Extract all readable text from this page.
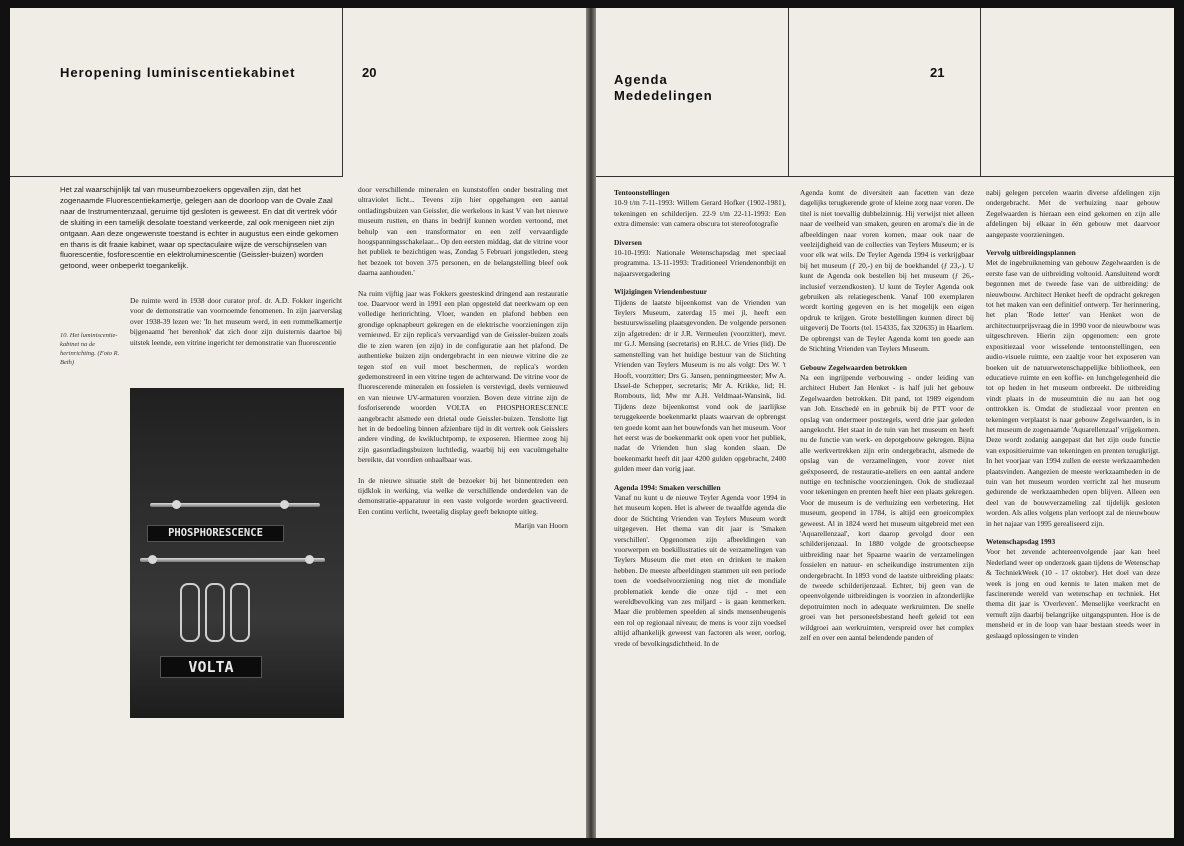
Heropening luminiscentiekabinet	20
Het zal waarschijnlijk tal van museumbezoekers opgevallen zijn, dat het zogenaamde Fluorescentiekamertje, gelegen aan de doorloop van de Ovale Zaal naar de Instrumentenzaal, geruime tijd gesloten is geweest. En dat dit vertrek vóór de sluiting in een tamelijk desolate toestand verkeerde, zal ook menigeen niet zijn ontgaan. Aan deze ongewenste toestand is echter in augustus een einde gekomen en thans is dit fraaie kabinet, waar op spectaculaire wijze de verschijnselen van fluorescentie, fosforescentie en elektroluminescentie (Geissler-buizen) worden getoond, weer onbeperkt toegankelijk.
De ruimte werd in 1938 door curator prof. dr. A.D. Fokker ingericht voor de demonstratie van voornoemde fenomenen. In zijn jaarverslag over 1938-39 lezen we: 'In het museum werd, in een rommelkamertje bijgenaamd 'het berenhok' dat zich door zijn duisternis daartoe bij uitstek leende, een vitrine ingericht ter demonstratie van fluorescentie
10. Het luminiscentie-kabinet na de herinrichting. (Foto R. Beth)
PHOSPHORESCENCE
VOLTA

door verschillende mineralen en kunststoffen onder bestraling met ultraviolet licht... Tevens zijn hier opgehangen een aantal ontladingsbuizen van Geissler, die werkeloos in kast V van het nieuwe museum rustten, en thans in bedrijf kunnen worden vertoond, met behulp van een transformator en een zelf vervaardigde hoogspanningsschakelaar... Op den eersten middag, dat de vitrine voor het publiek te bezichtigen was, Zondag 5 Februari jongstleden, steeg het bezoek tot boven 375 personen, en de belangstelling bleef ook daarna aanhouden.'

Na ruim vijftig jaar was Fokkers geesteskind dringend aan restauratie toe. Daarvoor werd in 1991 een plan opgesteld dat neerkwam op een volledige herinrichting. Vloer, wanden en plafond hebben een grondige opknapbeurt gekregen en de elektrische voorzieningen zijn vernieuwd. Er zijn replica's vervaardigd van de Geissler-buizen zoals die te zien waren (en zijn) in de configuratie aan het plafond. De authentieke buizen zijn ondergebracht in een nieuwe vitrine die ze tegen stof en vuil moet beschermen, de replica's worden gedemonstreerd in een vitrine tegen de achterwand. De vitrine voor de fluorescerende mineralen en fossielen is verstevigd, deels vernieuwd en van nieuwe UV-armaturen voorzien. Boven deze vitrine zijn de fosforiserende woorden VOLTA en PHOSPHORESCENCE aangebracht alsmede een drietal oude Geissler-buizen. Tenslotte ligt het in de bedoeling binnen afzienbare tijd in dit vertrek ook Geisslers andere vinding, de kwikluchtpomp, te exposeren. Hiermee zoog hij zijn gasontladingsbuizen luchtledig, waarbij hij een vacuümgehalte bereikte, dat voordien onhaalbaar was.

In de nieuwe situatie stelt de bezoeker bij het binnentreden een tijdklok in werking, via welke de verschillende onderdelen van de demonstratie-apparatuur in een vaste volgorde worden geactiveerd. Een continu verlicht, tweetalig display geeft beknopte uitleg.

Marijn van Hoorn
Agenda
Mededelingen
21
Tentoonstellingen
10-9 t/m 7-11-1993: Willem Gerard Hofker (1902-1981), tekeningen en schilderijen. 22-9 t/m 22-11-1993: Een extra dimensie: van camera obscura tot stereofotografie
Diversen
10-10-1993: Nationale Wetenschapsdag met speciaal programma. 13-11-1993: Traditioneel Vriendenontbijt en najaarsvergadering
Wijzigingen Vriendenbestuur
Tijdens de laatste bijeenkomst van de Vrienden van Teylers Museum, zaterdag 15 mei jl, heeft een bestuurswisseling plaatsgevonden. De volgende personen zijn afgetreden: dr ir J.R. Vermeulen (voorzitter), mevr. mr G.J. Mensing (secretaris) en R.H.C. de Vries (lid). De samenstelling van het huidige bestuur van de Stichting Vrienden van Teylers Museum is nu als volgt: Drs W. 't Hooft, voorzitter; Drs G. Jansen, penningmeester; Mw A. IJssel-de Schepper, secretaris; Mr A. Krikke, lid; H. Rombouts, lid; Mw mr A.H. Veldmaat-Wansink, lid. Tijdens deze bijeenkomst vond ook de jaarlijkse teruggekeerde boekenmarkt plaats waarvan de opbrengst ten goede komt aan het bouwfonds van het museum. Voor het eerst was de boekenmarkt ook open voor het publiek, nadat de Vrienden hun slag konden slaan. De boekenmarkt heeft dit jaar 4200 gulden opgebracht, 2400 gulden meer dan vorig jaar.
Agenda 1994: Smaken verschillen
Vanaf nu kunt u de nieuwe Teyler Agenda voor 1994 in het museum kopen. Het is alweer de twaalfde agenda die door de Stichting Vrienden van Teylers Museum wordt uitgegeven. Het thema van dit jaar is 'Smaken verschillen'. Opgenomen zijn afbeeldingen van voorwerpen en boekillustraties uit de verzamelingen van Teylers Museum die met eten en drinken te maken hebben. De meeste afbeeldingen stammen uit een periode toen de voedselvoorziening nog niet de mondiale problematiek kende die onze tijd - met een wereldbevolking van zes miljard - is gaan kenmerken. Maar die problemen speelden al sinds mensenheugenis een rol op regionaal niveau; de mens is voor zijn voedsel altijd afhankelijk geweest van factoren als weer, oorlog, vrede of bevolkingsdichtheid. In de
Agenda komt de diversiteit aan facetten van deze dagelijks terugkerende grote of kleine zorg naar voren. De titel is niet toevallig dubbelzinnig. Hij verwijst niet alleen naar de veelheid van smaken, geuren en aroma's die in de afbeeldingen naar voren komen, maar ook naar de veelzijdigheid van de collecties van Teylers Museum; er is voor elk wat wils. De Teyler Agenda 1994 is verkrijgbaar bij het museum (ƒ 20,-) en bij de boekhandel (ƒ 23,-). U kunt de Agenda ook bestellen bij het museum (ƒ 26,- inclusief verzendkosten). U kunt de Teyler Agenda ook gebruiken als relatiegeschenk. Vanaf 100 exemplaren wordt korting gegeven en is het mogelijk een eigen opdruk te krijgen. Grote bestellingen kunnen direct bij uitgeverij De Toorts (tel. 154335, fax 320635) in Haarlem. De opbrengst van de Teyler Agenda komt ten goede aan de Stichting Vrienden van Teylers Museum.
Gebouw Zegelwaarden betrokken
Na een ingrijpende verbouwing - onder leiding van architect Hubert Jan Henket - is half juli het gebouw Zegelwaarden betrokken. Dit pand, tot 1989 eigendom van Joh. Enschedé en in gebruik bij de PTT voor de opslag van ondermeer postzegels, werd drie jaar geleden aangekocht. Het staat in de tuin van het museum en heeft nu de functie van werk- en depotgebouw gekregen. Bijna alle werkvertrekken zijn erin ondergebracht, alsmede de opslag van de verzamelingen, voor zover niet geëxposeerd, de restauratie-ateliers en een aantal andere nuttige en technische voorzieningen. Ook de studiezaal voor tekeningen en prenten heeft hier een plaats gekregen. Voor de museum is de verhuizing een verbetering. Het museum, geopend in 1784, is altijd een groeicomplex geweest. Al in 1824 werd het museum uitgebreid met een 'Aquarellenzaal', kort daarop gevolgd door een schilderijenzaal. In 1880 volgde de grootscheepse uitbreiding naar het Spaarne waarin de verzamelingen fossielen en natuur- en scheikundige instrumenten zijn ondergebracht. In 1893 vond de laatste uitbreiding plaats: de tweede schilderijenzaal. Echter, bij geen van de opeenvolgende uitbreidingen is voorzien in afzonderlijke depotruimten noch in adequate werkruimten. De snelle groei van het personeelsbestand heeft geleid tot een wildgroei aan werkruimten, verspreid over het complex zelf en over een aantal belendende panden of
nabij gelegen percelen waarin diverse afdelingen zijn ondergebracht. Met de verhuizing naar gebouw Zegelwaarden is hieraan een eind gekomen en zijn alle afdelingen bij elkaar in één gebouw met daarvoor aangepaste voorzieningen.
Vervolg uitbreidingsplannen
Met de ingebruikneming van gebouw Zegelwaarden is de eerste fase van de uitbreiding voltooid. Aansluitend wordt begonnen met de tweede fase van de uitbreiding: de nieuwbouw. Architect Henket heeft de opdracht gekregen tot het maken van een definitief ontwerp. Ter herinnering, het plan 'Rode letter' van Henket won de architectuurprijsvraag die in 1990 voor de nieuwbouw was uitgeschreven. Hierin zijn opgenomen: een grote expositiezaal voor wisselende tentoonstellingen, een audio-visuele ruimte, een zaaltje voor het exposeren van boeken uit de natuurwetenschappelijke bibliotheek, een educatieve ruimte en een koffie- en lunchgelegenheid die tot op heden in het museum ontbreekt. De uitbreiding vindt plaats in de museumtuin die nu aan het oog onttrokken is. Omdat de studiezaal voor prenten en tekeningen verplaatst is naar gebouw Zegelwaarden, is in het museum de zogenaamde 'Aquarellenzaal' vrijgekomen. Deze wordt zodanig aangepast dat het zijn oude functie van expositieruimte van tekeningen en prenten terugkrijgt. In het voorjaar van 1994 zullen de eerste werkzaamheden plaatsvinden. Aangezien de meeste werkzaamheden in de tuin van het museum worden verricht zal het museum gedurende de werkzaamheden open blijven. Alleen een deel van de bouwverzameling zal tijdelijk gesloten worden. Als alles volgens plan verloopt zal de nieuwbouw in het najaar van 1995 gerealiseerd zijn.
Wetenschapsdag 1993
Voor het zevende achtereenvolgende jaar kan heel Nederland weer op onderzoek gaan tijdens de Wetenschap & TechniekWeek (10 - 17 oktober). Het doel van deze week is jong en oud kennis te laten maken met de fascinerende wereld van wetenschap en techniek. Het thema dit jaar is 'Overleven'. Menselijke veerkracht en vernuft zijn daarbij belangrijke uitgangspunten. Hoe is de mensheid er in de loop van haar bestaan steeds weer in geslaagd oplossingen te vinden
